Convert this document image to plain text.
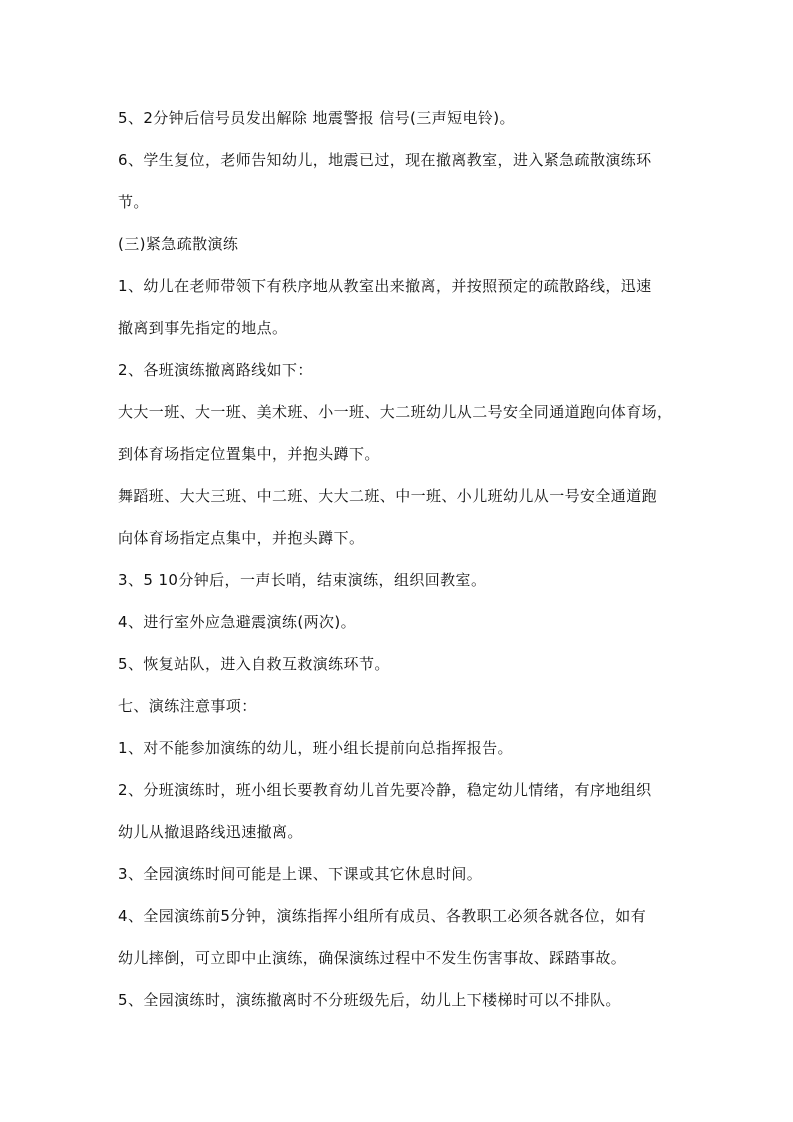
5、2分钟后信号员发出解除 地震警报 信号(三声短电铃)。
6、学生复位，老师告知幼儿，地震已过，现在撤离教室，进入紧急疏散演练环
节。
(三)紧急疏散演练
1、幼儿在老师带领下有秩序地从教室出来撤离，并按照预定的疏散路线，迅速
撤离到事先指定的地点。
2、各班演练撤离路线如下：
大大一班、大一班、美术班、小一班、大二班幼儿从二号安全同通道跑向体育场，
到体育场指定位置集中，并抱头蹲下。
舞蹈班、大大三班、中二班、大大二班、中一班、小儿班幼儿从一号安全通道跑
向体育场指定点集中，并抱头蹲下。
3、5 10分钟后，一声长哨，结束演练，组织回教室。
4、进行室外应急避震演练(两次)。
5、恢复站队，进入自救互救演练环节。
七、演练注意事项：
1、对不能参加演练的幼儿，班小组长提前向总指挥报告。
2、分班演练时，班小组长要教育幼儿首先要冷静，稳定幼儿情绪，有序地组织
幼儿从撤退路线迅速撤离。
3、全园演练时间可能是上课、下课或其它休息时间。
4、全园演练前5分钟，演练指挥小组所有成员、各教职工必须各就各位，如有
幼儿摔倒，可立即中止演练，确保演练过程中不发生伤害事故、踩踏事故。
5、全园演练时，演练撤离时不分班级先后，幼儿上下楼梯时可以不排队。
